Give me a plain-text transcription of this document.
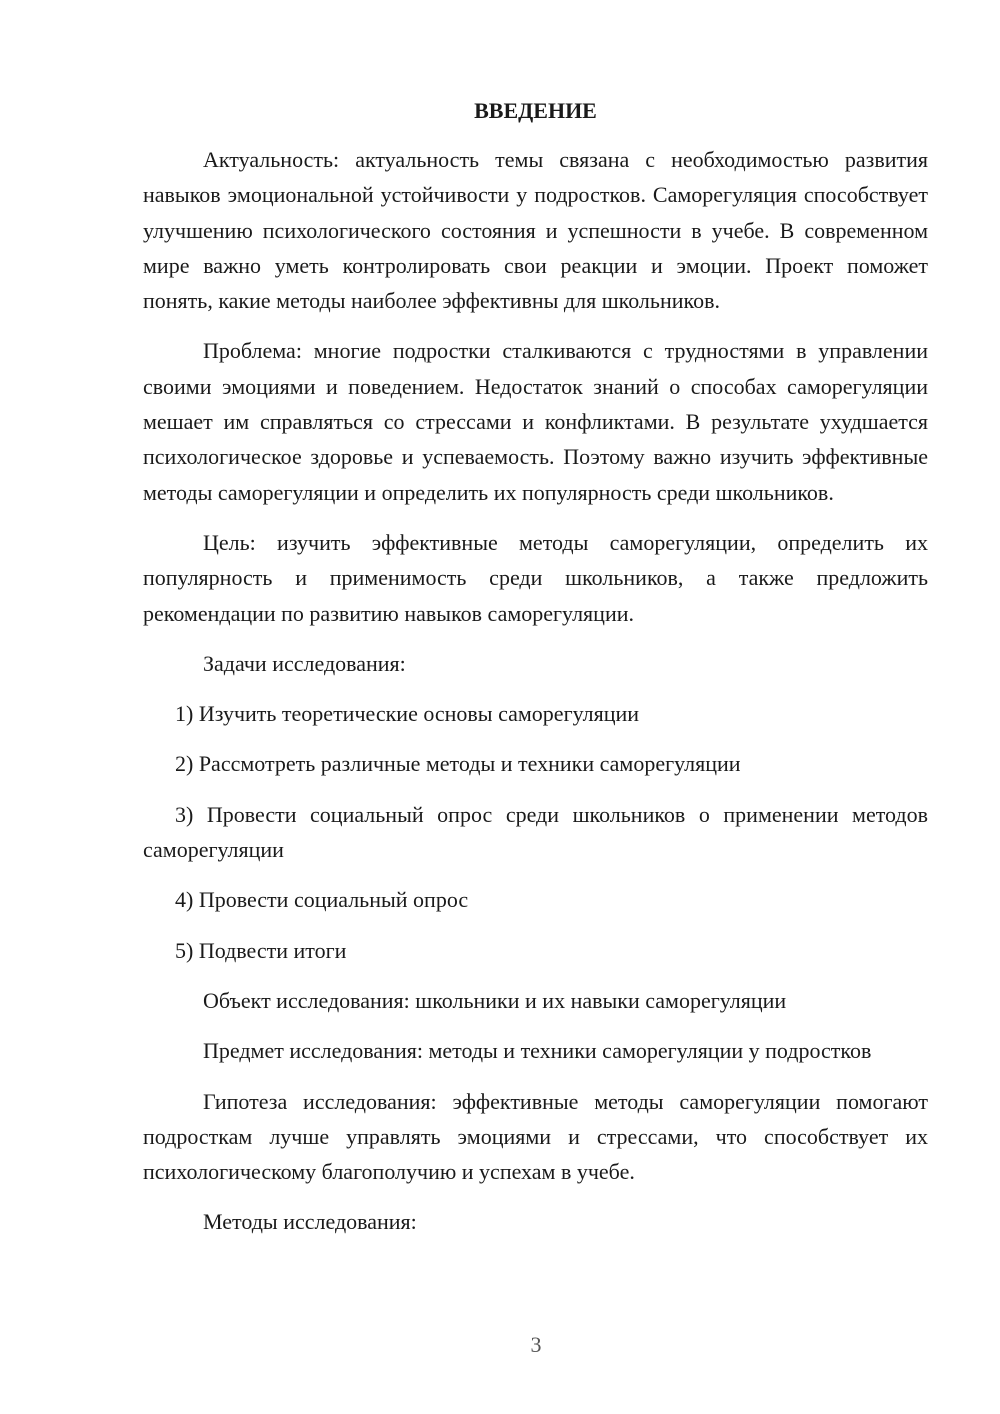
ВВЕДЕНИЕ

Актуальность: актуальность темы связана с необходимостью развития навыков эмоциональной устойчивости у подростков. Саморегуляция способствует улучшению психологического состояния и успешности в учебе. В современном мире важно уметь контролировать свои реакции и эмоции. Проект поможет понять, какие методы наиболее эффективны для школьников.

Проблема: многие подростки сталкиваются с трудностями в управлении своими эмоциями и поведением. Недостаток знаний о способах саморегуляции мешает им справляться со стрессами и конфликтами. В результате ухудшается психологическое здоровье и успеваемость. Поэтому важно изучить эффективные методы саморегуляции и определить их популярность среди школьников.

Цель: изучить эффективные методы саморегуляции, определить их популярность и применимость среди школьников, а также предложить рекомендации по развитию навыков саморегуляции.

Задачи исследования:

1) Изучить теоретические основы саморегуляции

2) Рассмотреть различные методы и техники саморегуляции

3) Провести социальный опрос среди школьников о применении методов саморегуляции

4) Провести социальный опрос

5) Подвести итоги

Объект исследования: школьники и их навыки саморегуляции

Предмет исследования: методы и техники саморегуляции у подростков

Гипотеза исследования: эффективные методы саморегуляции помогают подросткам лучше управлять эмоциями и стрессами, что способствует их психологическому благополучию и успехам в учебе.

Методы исследования:

3
